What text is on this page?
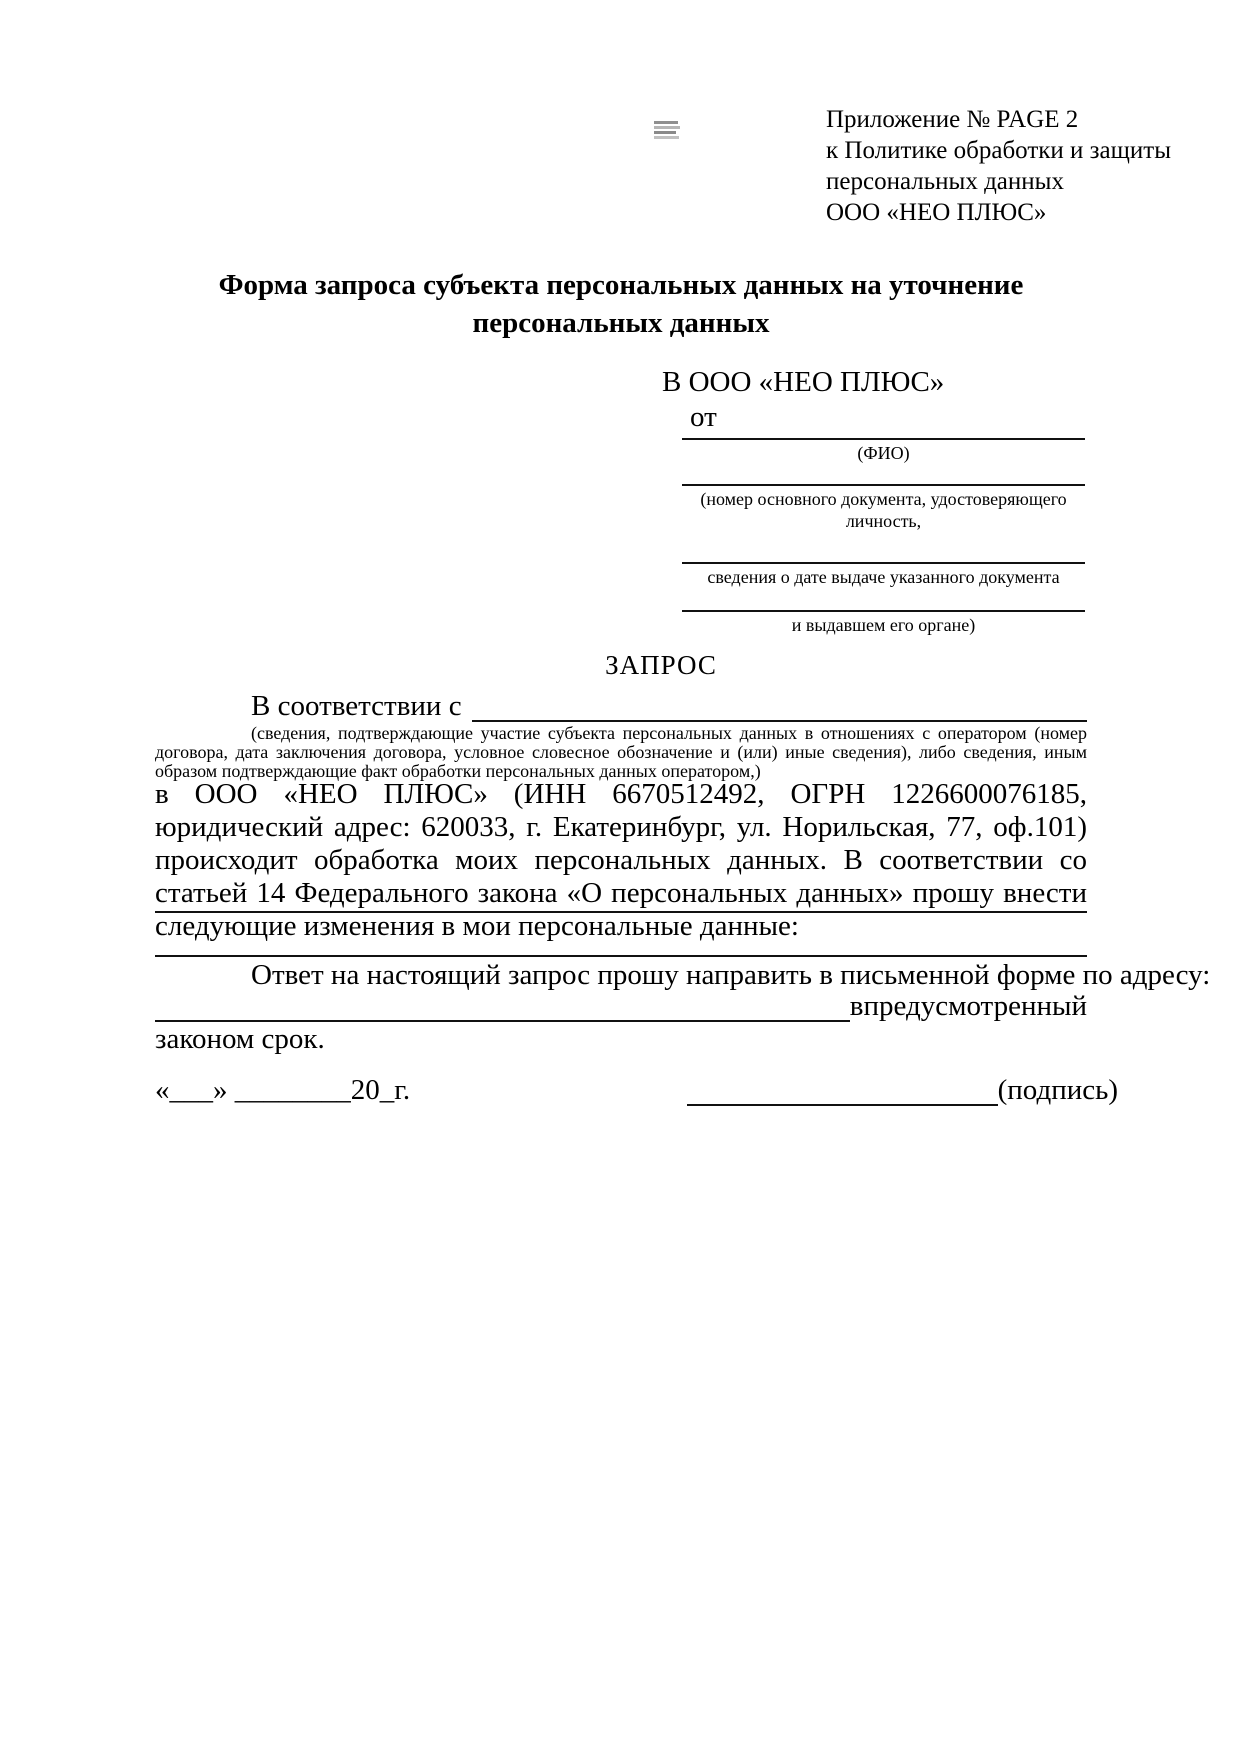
Приложение № PAGE 2
к Политике обработки и защиты
персональных данных
ООО «НЕО ПЛЮС»
Форма запроса субъекта персональных данных на уточнение персональных данных
В ООО «НЕО ПЛЮС»
от
(ФИО)
(номер основного документа, удостоверяющего личность,
сведения о дате выдаче указанного документа
и выдавшем его органе)
ЗАПРОС
В соответствии с
(сведения, подтверждающие участие субъекта персональных данных в отношениях с оператором (номер договора, дата заключения договора, условное словесное обозначение и (или) иные сведения), либо сведения, иным образом подтверждающие факт обработки персональных данных оператором,)
в ООО «НЕО ПЛЮС» (ИНН 6670512492, ОГРН 1226600076185, юридический адрес: 620033, г. Екатеринбург, ул. Норильская, 77, оф.101) происходит обработка моих персональных данных. В соответствии со статьей 14 Федерального закона «О персональных данных» прошу внести следующие изменения в мои персональные данные:
Ответ на настоящий запрос прошу направить в письменной форме по адресу:
в предусмотренный
законом срок.
«___» ________20_г.	(подпись)
